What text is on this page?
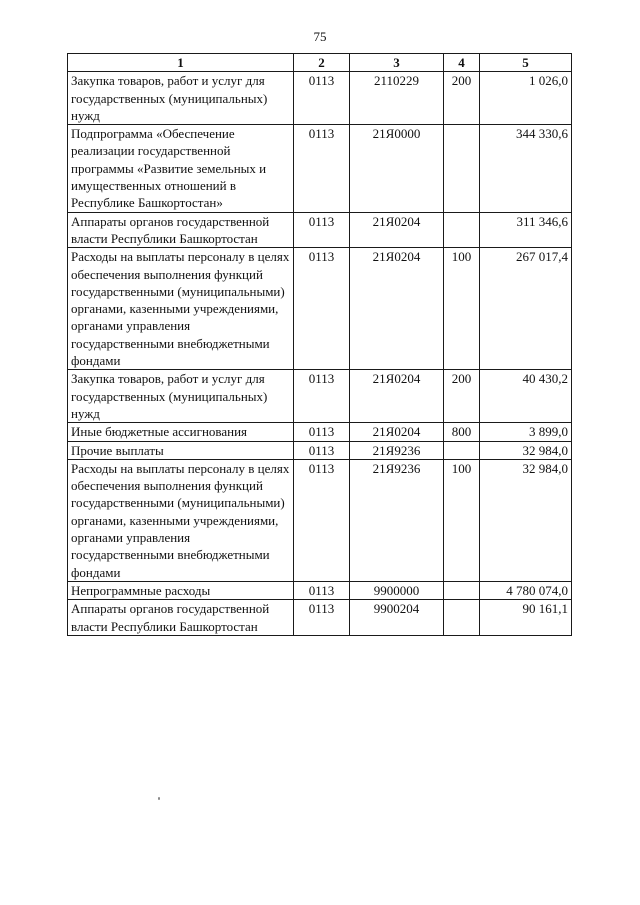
75
1	2	3	4	5
Закупка товаров, работ и услуг для государственных (муниципальных) нужд	0113	2110229	200	1 026,0
Подпрограмма «Обеспечение реализации государственной программы «Развитие земельных и имущественных отношений в Республике Башкортостан»	0113	21Я0000		344 330,6
Аппараты органов государственной власти Республики Башкортостан	0113	21Я0204		311 346,6
Расходы на выплаты персоналу в целях обеспечения выполнения функций государственными (муниципальными) органами, казенными учреждениями, органами управления государственными внебюджетными фондами	0113	21Я0204	100	267 017,4
Закупка товаров, работ и услуг для государственных (муниципальных) нужд	0113	21Я0204	200	40 430,2
Иные бюджетные ассигнования	0113	21Я0204	800	3 899,0
Прочие выплаты	0113	21Я9236		32 984,0
Расходы на выплаты персоналу в целях обеспечения выполнения функций государственными (муниципальными) органами, казенными учреждениями, органами управления государственными внебюджетными фондами	0113	21Я9236	100	32 984,0
Непрограммные расходы	0113	9900000		4 780 074,0
Аппараты органов государственной власти Республики Башкортостан	0113	9900204		90 161,1
